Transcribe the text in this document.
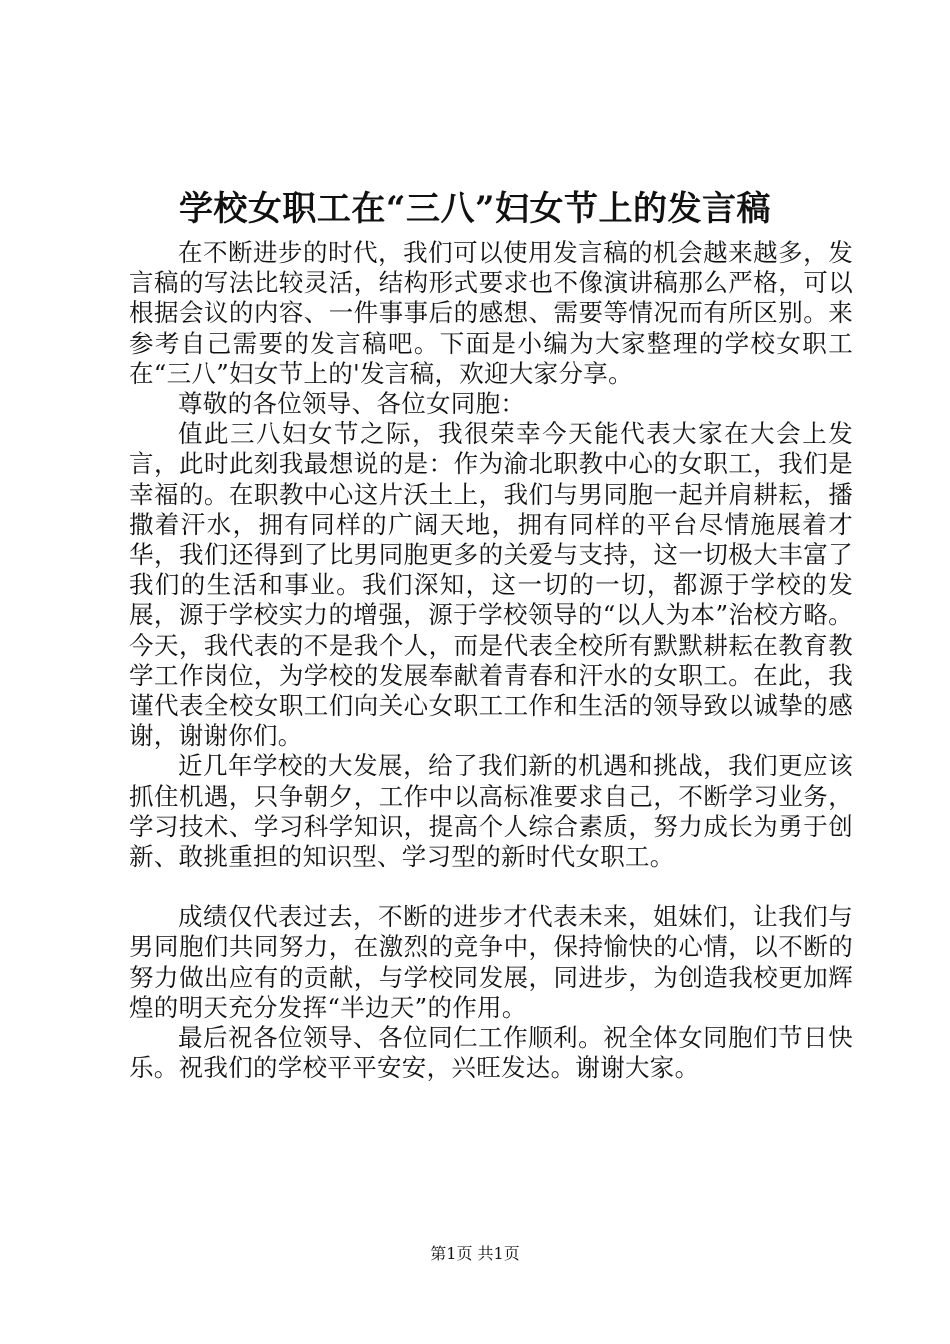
学校女职工在“三八”妇女节上的发言稿

在不断进步的时代，我们可以使用发言稿的机会越来越多，发言稿的写法比较灵活，结构形式要求也不像演讲稿那么严格，可以根据会议的内容、一件事事后的感想、需要等情况而有所区别。来参考自己需要的发言稿吧。下面是小编为大家整理的学校女职工在“三八”妇女节上的'发言稿，欢迎大家分享。

尊敬的各位领导、各位女同胞：

值此三八妇女节之际，我很荣幸今天能代表大家在大会上发言，此时此刻我最想说的是：作为渝北职教中心的女职工，我们是幸福的。在职教中心这片沃土上，我们与男同胞一起并肩耕耘，播撒着汗水，拥有同样的广阔天地，拥有同样的平台尽情施展着才华，我们还得到了比男同胞更多的关爱与支持，这一切极大丰富了我们的生活和事业。我们深知，这一切的一切，都源于学校的发展，源于学校实力的增强，源于学校领导的“以人为本”治校方略。今天，我代表的不是我个人，而是代表全校所有默默耕耘在教育教学工作岗位，为学校的发展奉献着青春和汗水的女职工。在此，我谨代表全校女职工们向关心女职工工作和生活的领导致以诚挚的感谢，谢谢你们。

近几年学校的大发展，给了我们新的机遇和挑战，我们更应该抓住机遇，只争朝夕，工作中以高标准要求自己，不断学习业务，学习技术、学习科学知识，提高个人综合素质，努力成长为勇于创新、敢挑重担的知识型、学习型的新时代女职工。

成绩仅代表过去，不断的进步才代表未来，姐妹们，让我们与男同胞们共同努力，在激烈的竞争中，保持愉快的心情，以不断的努力做出应有的贡献，与学校同发展，同进步，为创造我校更加辉煌的明天充分发挥“半边天”的作用。

最后祝各位领导、各位同仁工作顺利。祝全体女同胞们节日快乐。祝我们的学校平平安安，兴旺发达。谢谢大家。

第1页 共1页
